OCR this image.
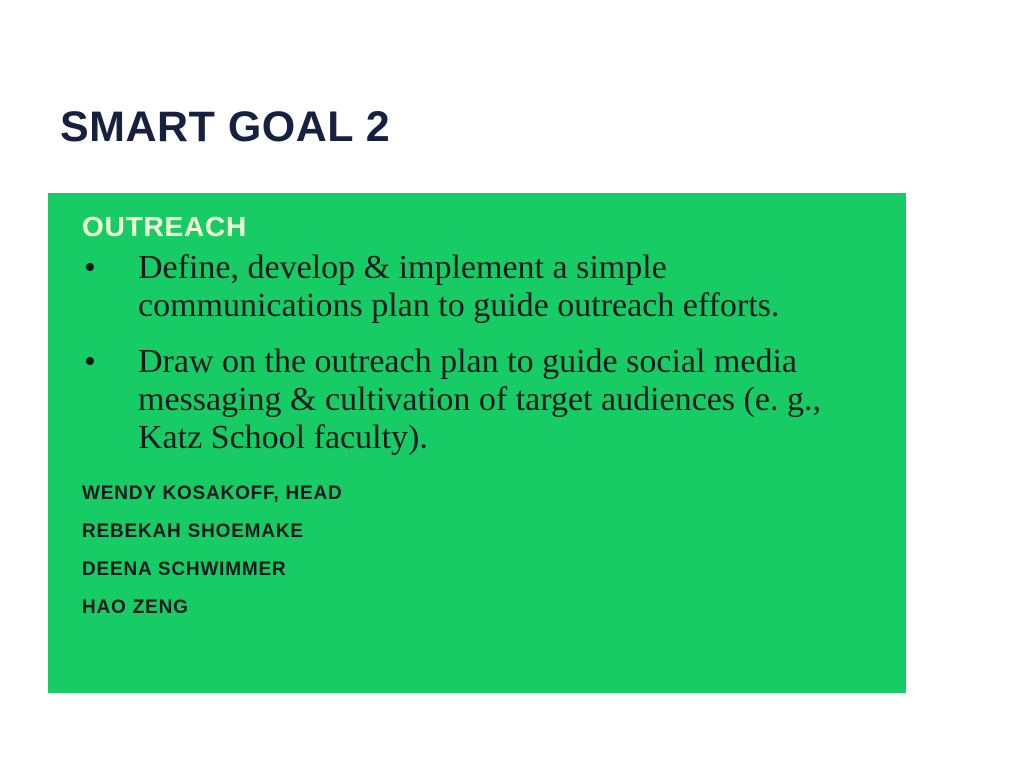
SMART GOAL 2
OUTREACH
• Define, develop & implement a simple communications plan to guide outreach efforts.
• Draw on the outreach plan to guide social media messaging & cultivation of target audiences (e. g., Katz School faculty).
WENDY KOSAKOFF, HEAD
REBEKAH SHOEMAKE
DEENA SCHWIMMER
HAO ZENG
